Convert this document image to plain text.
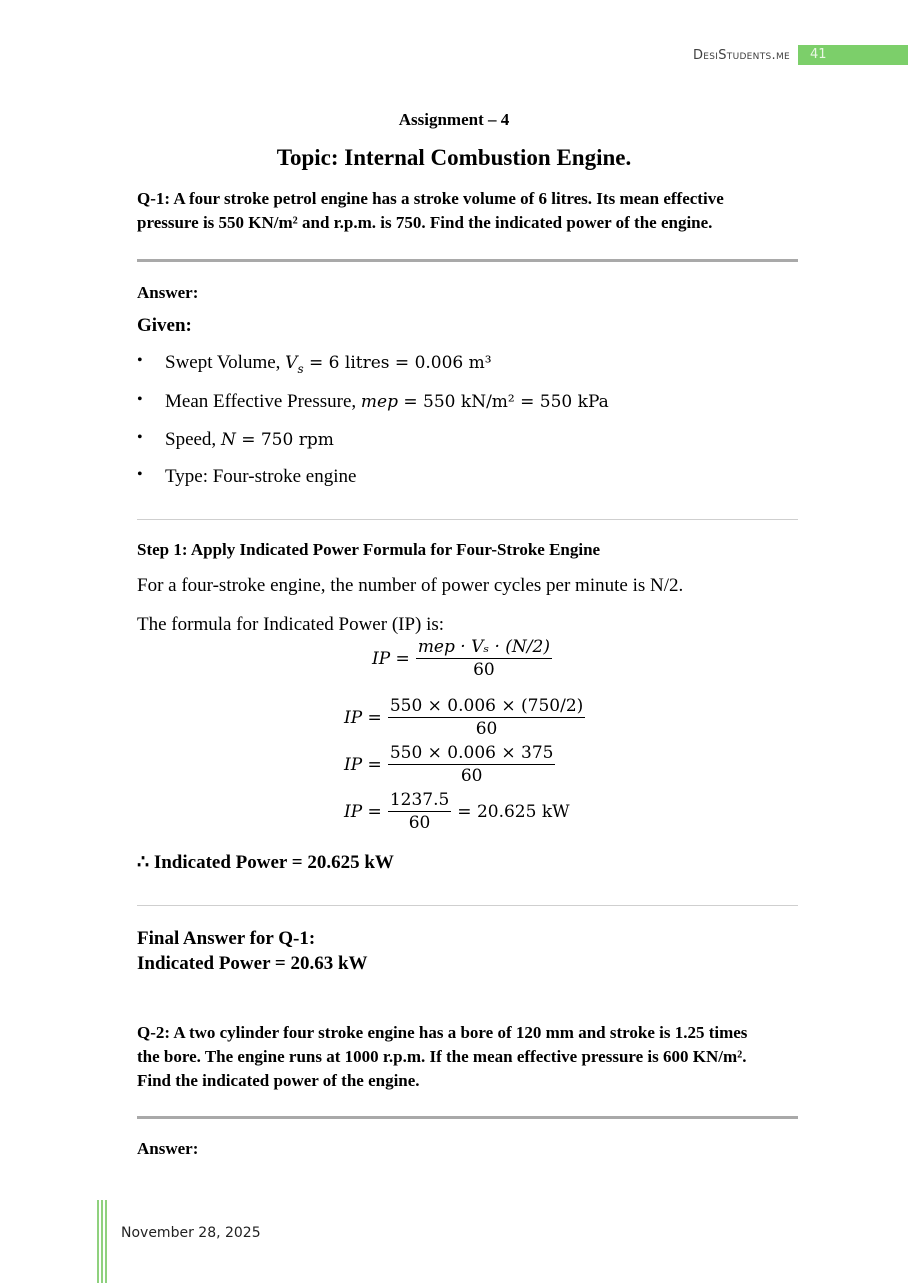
DesiStudents.me	41
Assignment – 4
Topic: Internal Combustion Engine.
Q-1: A four stroke petrol engine has a stroke volume of 6 litres. Its mean effective
pressure is 550 KN/m² and r.p.m. is 750. Find the indicated power of the engine.
Answer:
Given:
• Swept Volume, $V_s = 6$ litres = 0.006 m³
• Mean Effective Pressure, mep = 550 kN/m² = 550 kPa
• Speed, N = 750 rpm
• Type: Four-stroke engine
Step 1: Apply Indicated Power Formula for Four-Stroke Engine
For a four-stroke engine, the number of power cycles per minute is N/2.
The formula for Indicated Power (IP) is:
IP = $\frac{\text{mep · Vₛ · (N/2)}}{60}$
IP = $\frac{550 \times 0.006 \times (750/2)}{60}$
IP = $\frac{550 \times 0.006 \times 375}{60}$
IP = $\frac{1237.5}{60} = 20.625$ kW
∴ Indicated Power = 20.625 kW
Final Answer for Q-1:
Indicated Power = 20.63 kW
Q-2: A two cylinder four stroke engine has a bore of 120 mm and stroke is 1.25 times
the bore. The engine runs at 1000 r.p.m. If the mean effective pressure is 600 KN/m².
Find the indicated power of the engine.
Answer:
November 28, 2025
